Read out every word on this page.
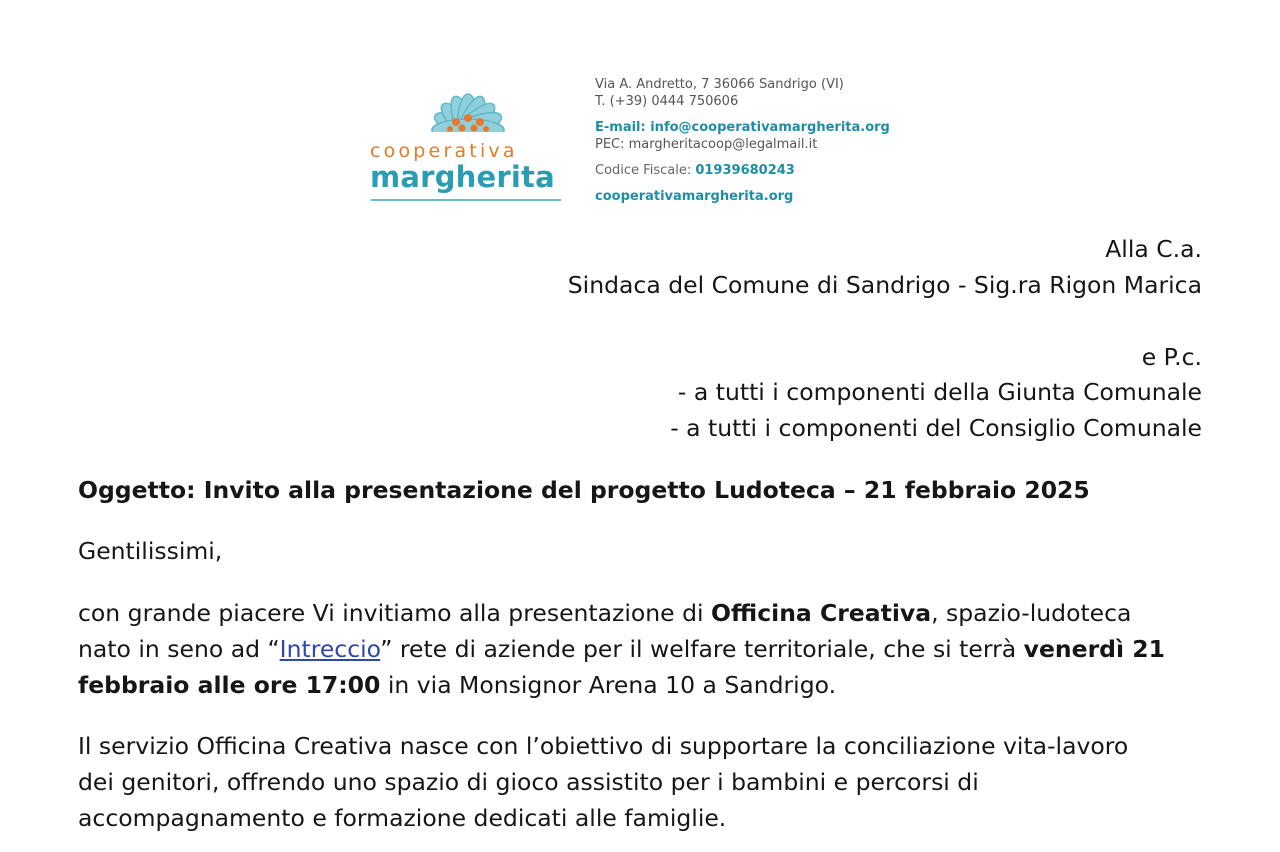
cooperativa
margherita
Via A. Andretto, 7 36066 Sandrigo (VI)
T. (+39) 0444 750606
E-mail: info@cooperativamargherita.org
PEC: margheritacoop@legalmail.it
Codice Fiscale: 01939680243
cooperativamargherita.org
Alla C.a.
Sindaca del Comune di Sandrigo - Sig.ra Rigon Marica
e P.c.
- a tutti i componenti della Giunta Comunale
- a tutti i componenti del Consiglio Comunale
Oggetto: Invito alla presentazione del progetto Ludoteca – 21 febbraio 2025
Gentilissimi,
con grande piacere Vi invitiamo alla presentazione di Officina Creativa, spazio-ludoteca
nato in seno ad “Intreccio” rete di aziende per il welfare territoriale, che si terrà venerdì 21
febbraio alle ore 17:00 in via Monsignor Arena 10 a Sandrigo.
Il servizio Officina Creativa nasce con l’obiettivo di supportare la conciliazione vita-lavoro
dei genitori, offrendo uno spazio di gioco assistito per i bambini e percorsi di
accompagnamento e formazione dedicati alle famiglie.
